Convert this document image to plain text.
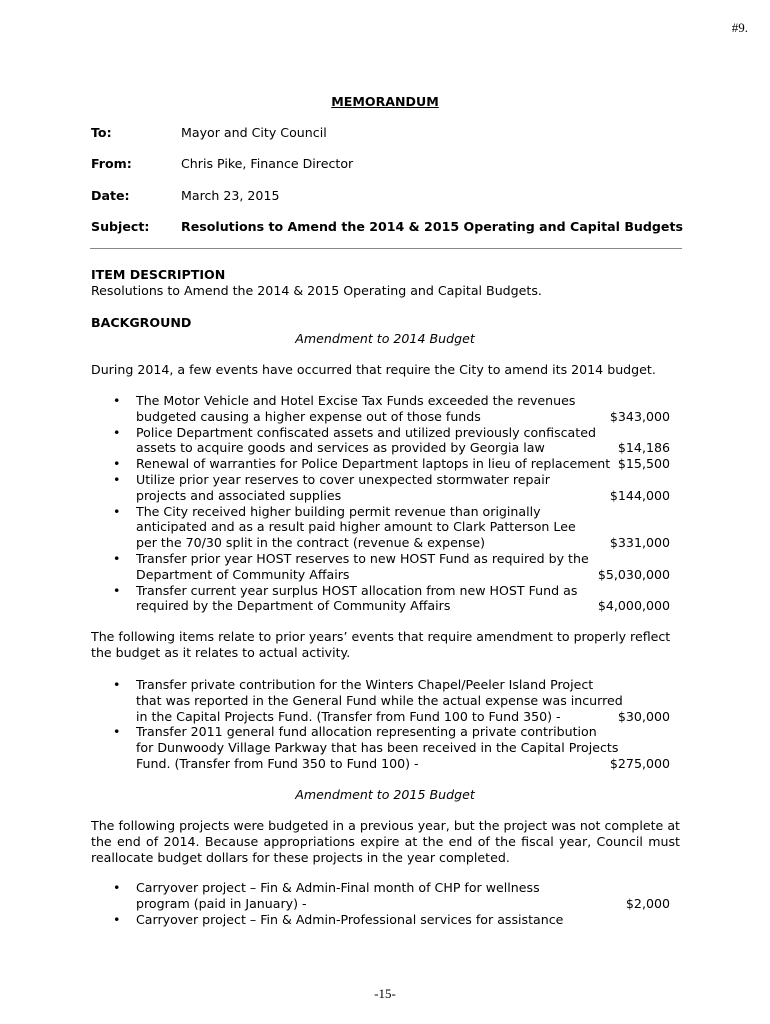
#9.
MEMORANDUM
To:	Mayor and City Council
From:	Chris Pike, Finance Director
Date:	March 23, 2015
Subject:	Resolutions to Amend the 2014 & 2015 Operating and Capital Budgets
ITEM DESCRIPTION
Resolutions to Amend the 2014 & 2015 Operating and Capital Budgets.
BACKGROUND
Amendment to 2014 Budget
During 2014, a few events have occurred that require the City to amend its 2014 budget.
• The Motor Vehicle and Hotel Excise Tax Funds exceeded the revenues
budgeted causing a higher expense out of those funds	$343,000
• Police Department confiscated assets and utilized previously confiscated
assets to acquire goods and services as provided by Georgia law	$14,186
• Renewal of warranties for Police Department laptops in lieu of replacement $15,500
• Utilize prior year reserves to cover unexpected stormwater repair
projects and associated supplies	$144,000
• The City received higher building permit revenue than originally
anticipated and as a result paid higher amount to Clark Patterson Lee
per the 70/30 split in the contract (revenue & expense)	$331,000
• Transfer prior year HOST reserves to new HOST Fund as required by the
Department of Community Affairs	$5,030,000
• Transfer current year surplus HOST allocation from new HOST Fund as
required by the Department of Community Affairs	$4,000,000
The following items relate to prior years’ events that require amendment to properly reflect the budget as it relates to actual activity.
• Transfer private contribution for the Winters Chapel/Peeler Island Project
that was reported in the General Fund while the actual expense was incurred
in the Capital Projects Fund. (Transfer from Fund 100 to Fund 350) -	$30,000
• Transfer 2011 general fund allocation representing a private contribution
for Dunwoody Village Parkway that has been received in the Capital Projects
Fund. (Transfer from Fund 350 to Fund 100) -	$275,000
Amendment to 2015 Budget
The following projects were budgeted in a previous year, but the project was not complete at the end of 2014. Because appropriations expire at the end of the fiscal year, Council must reallocate budget dollars for these projects in the year completed.
• Carryover project – Fin & Admin-Final month of CHP for wellness
program (paid in January) -	$2,000
• Carryover project – Fin & Admin-Professional services for assistance
-15-
